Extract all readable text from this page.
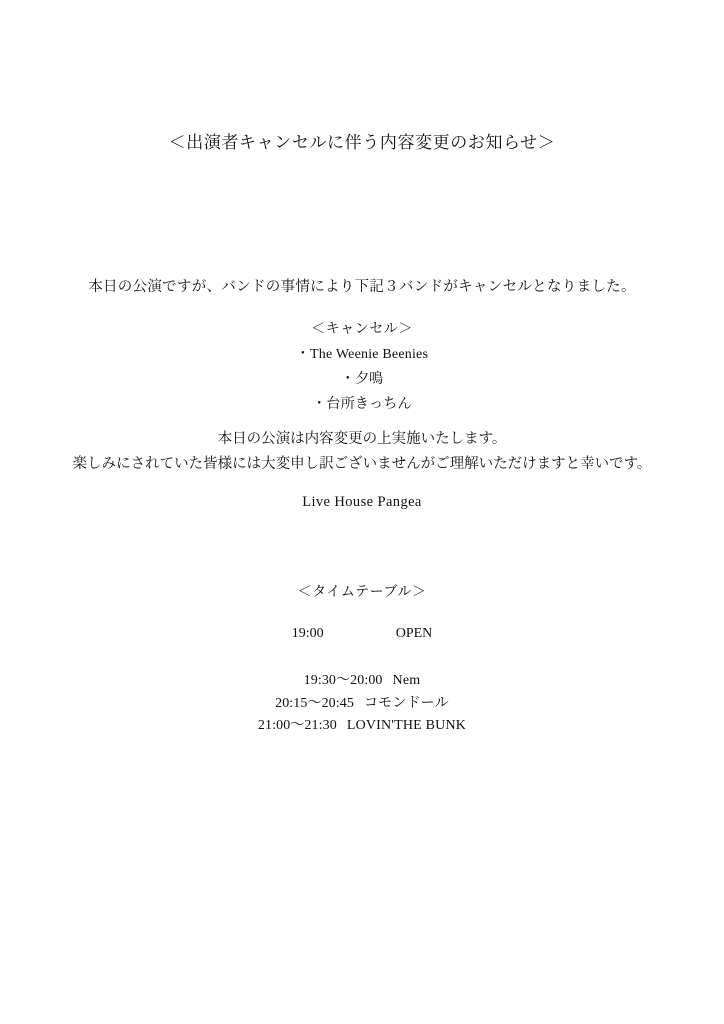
＜出演者キャンセルに伴う内容変更のお知らせ＞
本日の公演ですが、バンドの事情により下記３バンドがキャンセルとなりました。
＜キャンセル＞
・The Weenie Beenies
・夕鳴
・台所きっちん
本日の公演は内容変更の上実施いたします。
楽しみにされていた皆様には大変申し訳ございませんがご理解いただけますと幸いです。
Live House Pangea
＜タイムテーブル＞
19:00	OPEN
19:30〜20:00 Nem
20:15〜20:45 コモンドール
21:00〜21:30 LOVIN'THE BUNK
